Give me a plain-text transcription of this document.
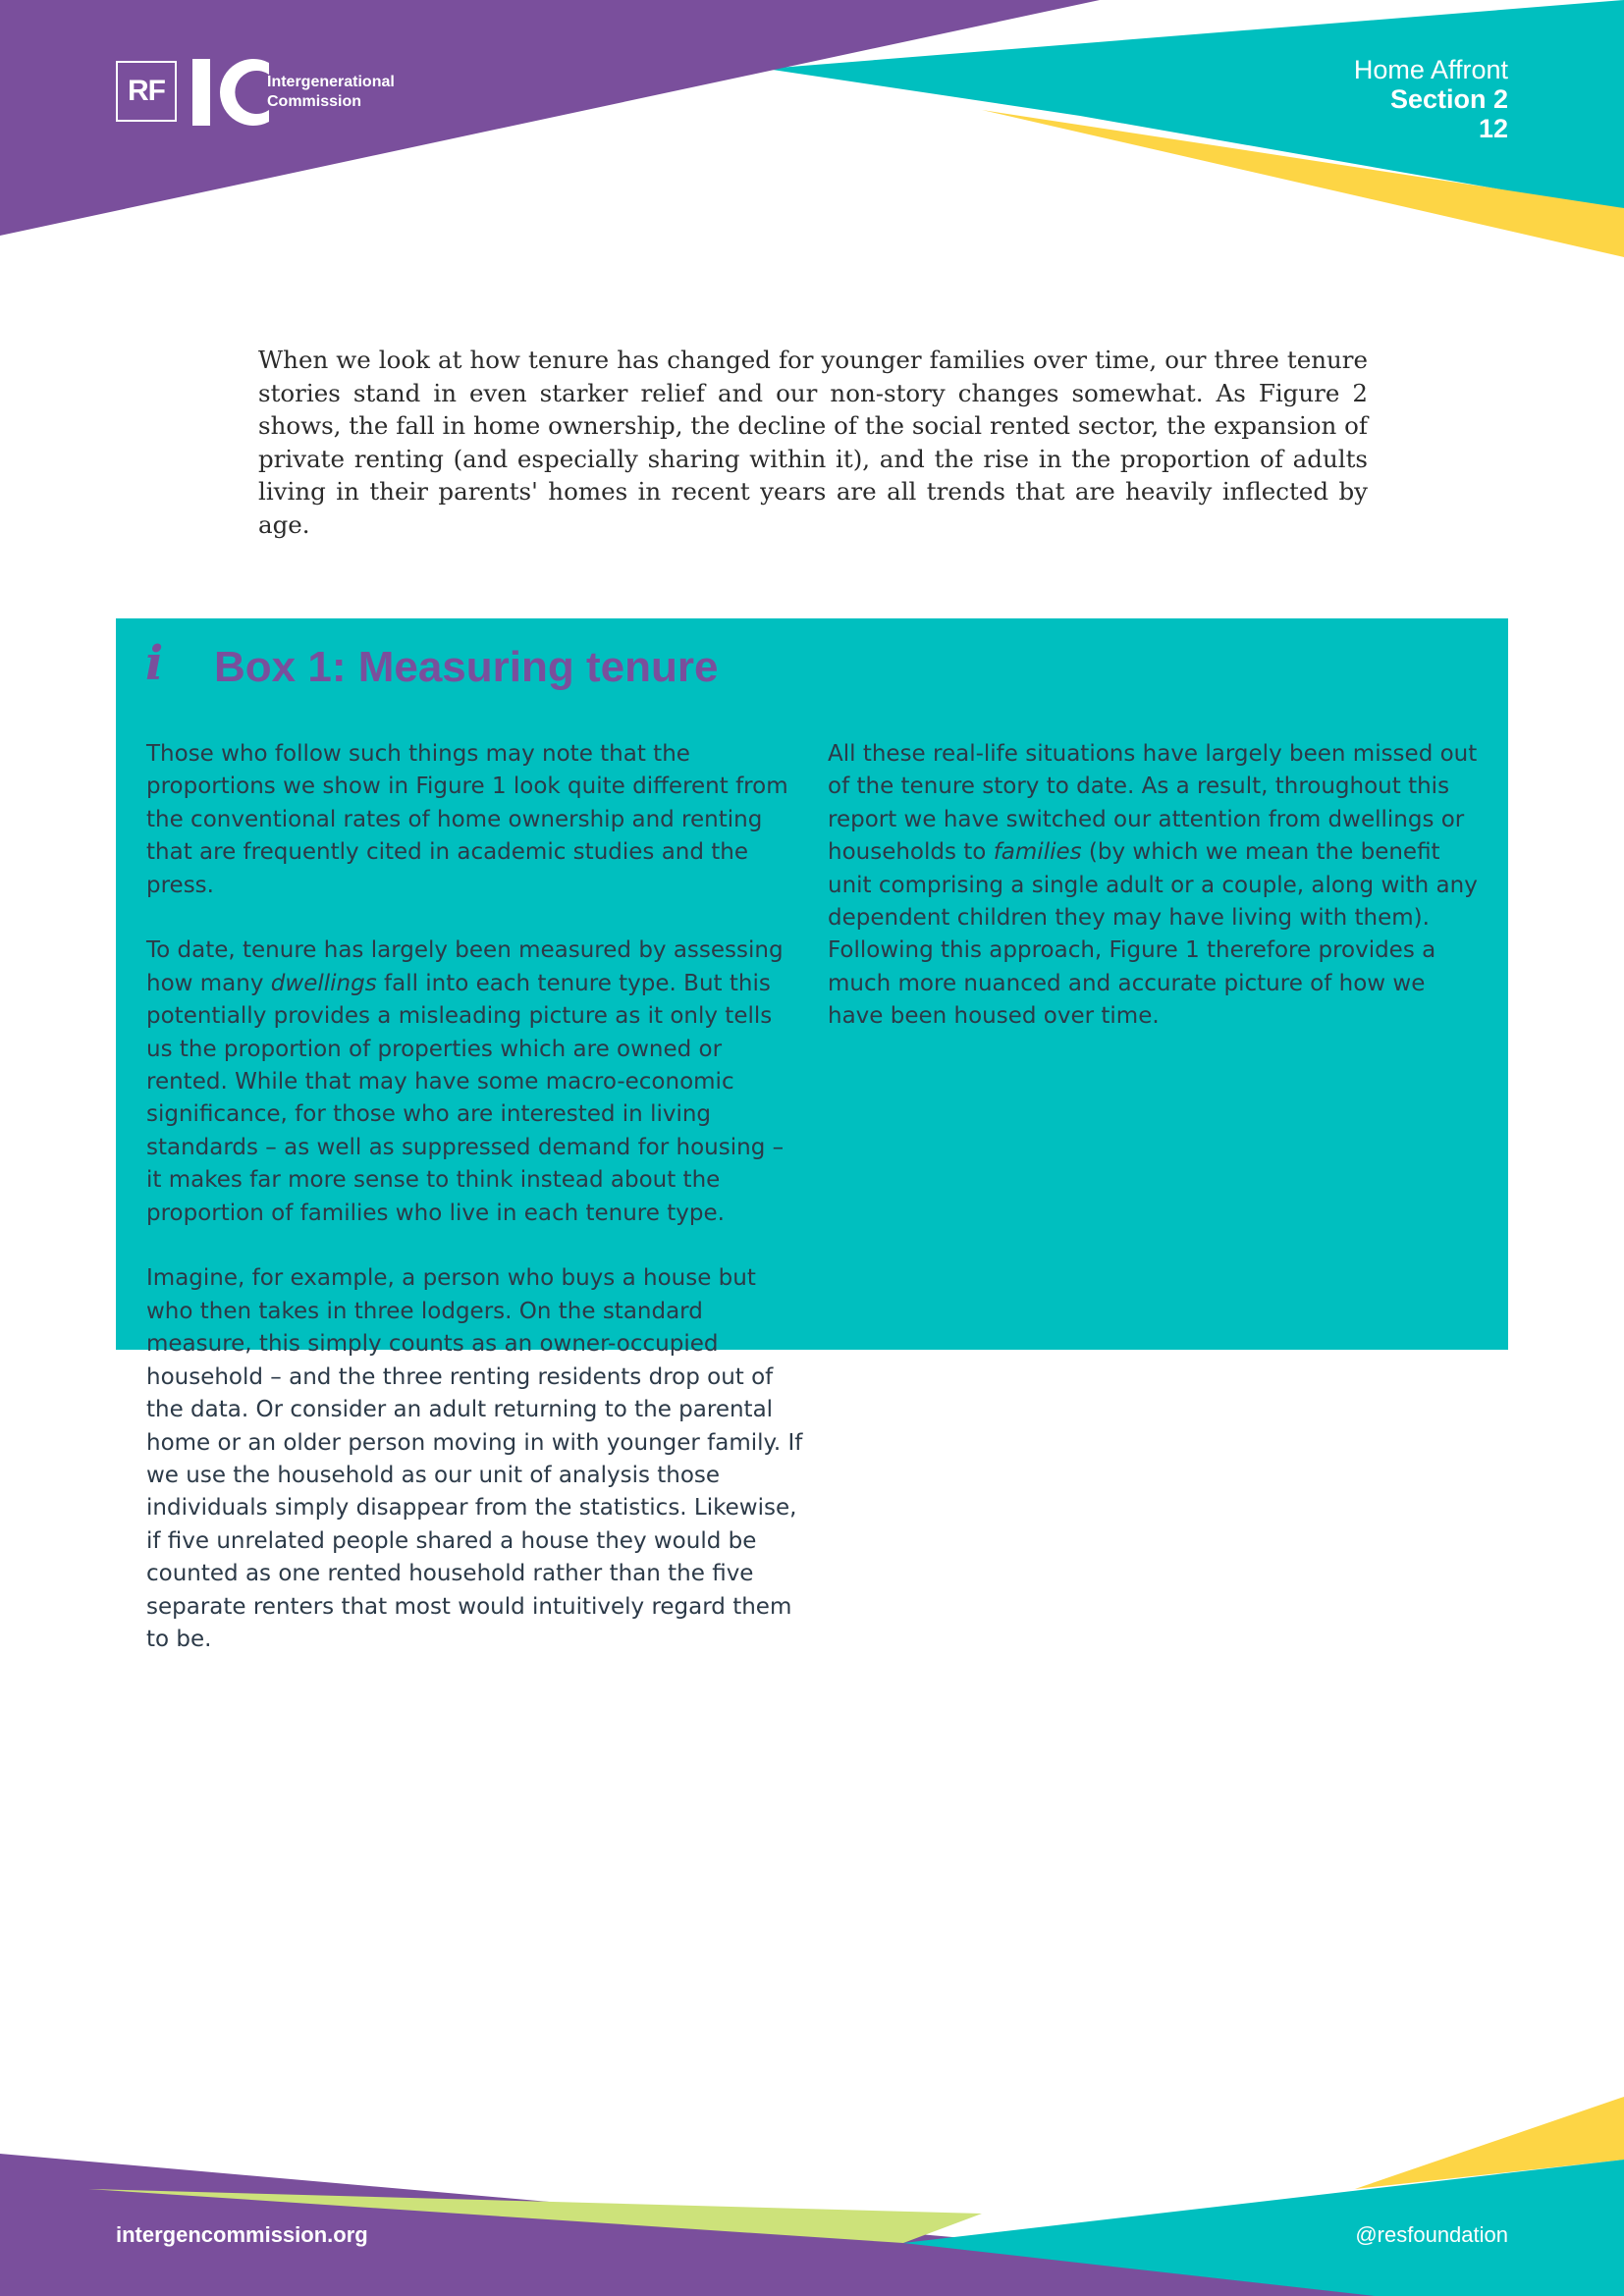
RF	Intergenerational
Commission
Home Affront
Section 2
12

When we look at how tenure has changed for younger families over time, our three tenure stories stand in even starker relief and our non-story changes somewhat. As Figure 2 shows, the fall in home ownership, the decline of the social rented sector, the expansion of private renting (and especially sharing within it), and the rise in the proportion of adults living in their parents' homes in recent years are all trends that are heavily inflected by age.

i Box 1: Measuring tenure

Those who follow such things may note that the proportions we show in Figure 1 look quite different from the conventional rates of home ownership and renting that are frequently cited in academic studies and the press.

To date, tenure has largely been measured by assessing how many dwellings fall into each tenure type. But this potentially provides a misleading picture as it only tells us the proportion of properties which are owned or rented. While that may have some macro-economic significance, for those who are interested in living standards – as well as suppressed demand for housing – it makes far more sense to think instead about the proportion of families who live in each tenure type.

Imagine, for example, a person who buys a house but who then takes in three lodgers. On the standard measure, this simply counts as an owner-occupied household – and the three renting residents drop out of the data. Or consider an adult returning to the parental home or an older person moving in with younger family. If we use the household as our unit of analysis those individuals simply disappear from the statistics. Likewise, if five unrelated people shared a house they would be counted as one rented household rather than the five separate renters that most would intuitively regard them to be.

All these real-life situations have largely been missed out of the tenure story to date. As a result, throughout this report we have switched our attention from dwellings or households to families (by which we mean the benefit unit comprising a single adult or a couple, along with any dependent children they may have living with them). Following this approach, Figure 1 therefore provides a much more nuanced and accurate picture of how we have been housed over time.

intergencommission.org	@resfoundation
